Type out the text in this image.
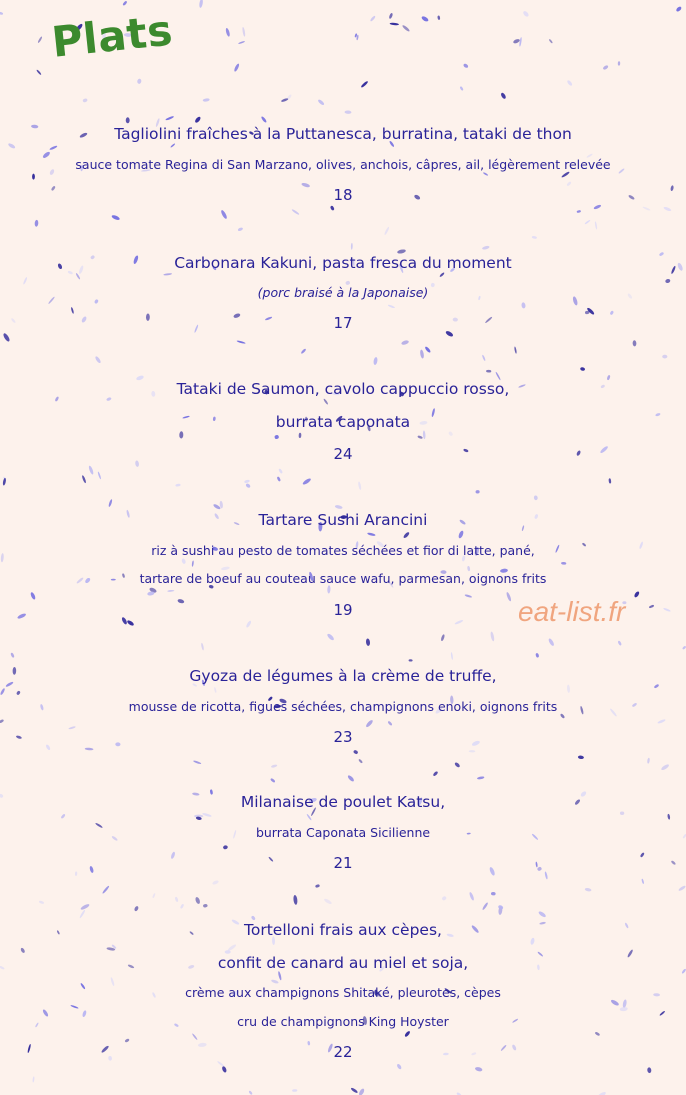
Plats
Tagliolini fraîches à la Puttanesca, burratina, tataki de thon
sauce tomate Regina di San Marzano, olives, anchois, câpres, ail, légèrement relevée
18
Carbonara Kakuni, pasta fresca du moment
(porc braisé à la Japonaise)
17
Tataki de Saumon, cavolo cappuccio rosso,
burrata caponata
24
Tartare Sushi Arancini
riz à sushi au pesto de tomates séchées et fior di latte, pané,
tartare de boeuf au couteau sauce wafu, parmesan, oignons frits
19
Gyoza de légumes à la crème de truffe,
mousse de ricotta, figues séchées, champignons enoki, oignons frits
23
Milanaise de poulet Katsu,
burrata Caponata Sicilienne
21
Tortelloni frais aux cèpes,
confit de canard au miel et soja,
crème aux champignons Shitaké, pleurotes, cèpes
cru de champignons King Hoyster
22
eat-list.fr
